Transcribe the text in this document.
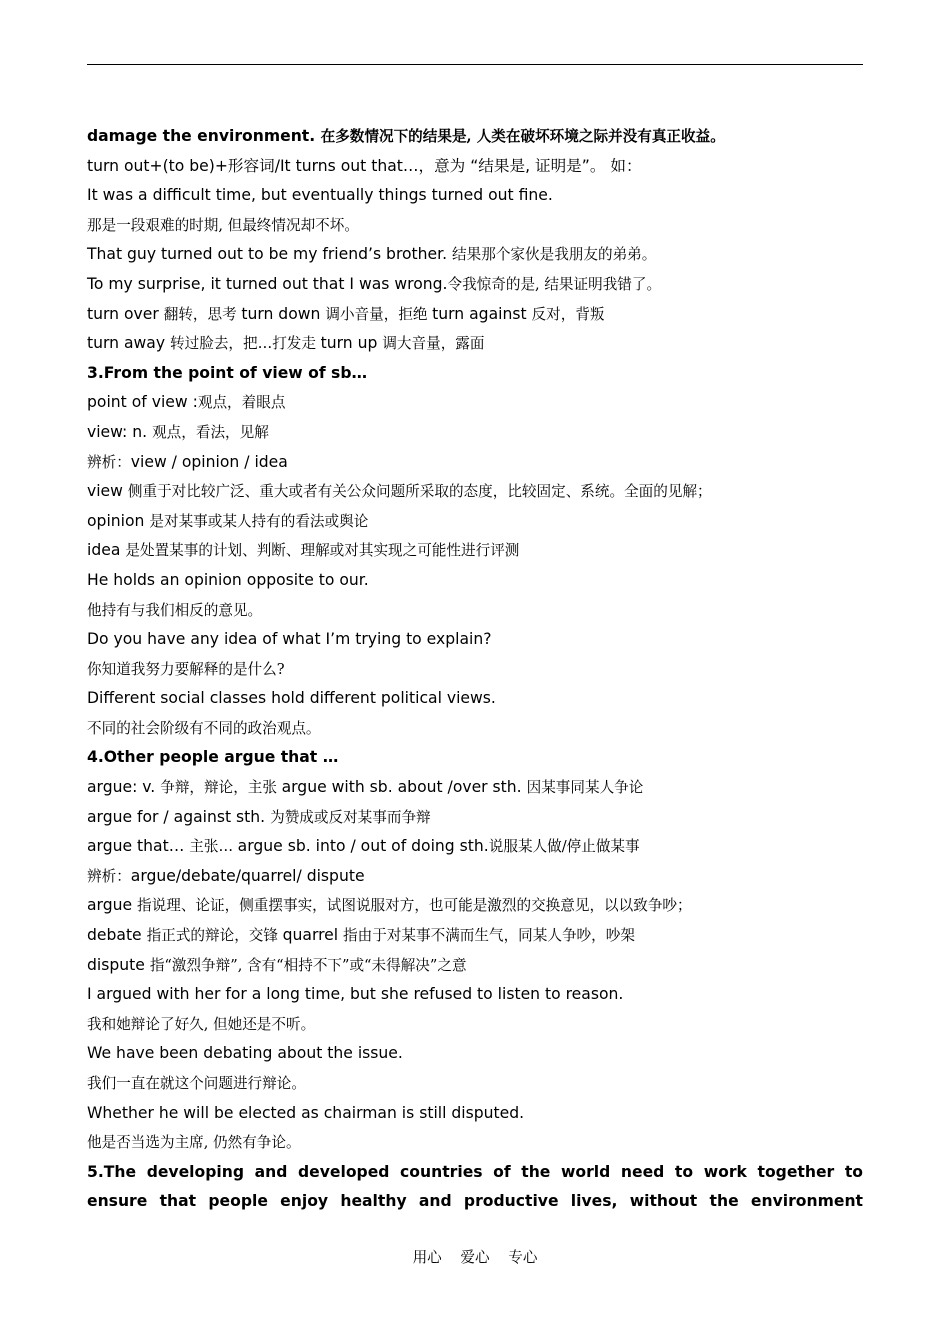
damage the environment. 在多数情况下的结果是, 人类在破坏环境之际并没有真正收益。
turn out+(to be)+形容词/It turns out that…，意为 “结果是, 证明是”。 如：
It was a difficult time, but eventually things turned out fine.
那是一段艰难的时期, 但最终情况却不坏。
That guy turned out to be my friend’s brother. 结果那个家伙是我朋友的弟弟。
To my surprise, it turned out that I was wrong.令我惊奇的是, 结果证明我错了。
turn over 翻转，思考 turn down 调小音量，拒绝 turn against 反对，背叛
turn away 转过脸去，把…打发走 turn up 调大音量，露面
3.From the point of view of sb…
point of view :观点，着眼点
view: n. 观点，看法，见解
辨析：view / opinion / idea
view 侧重于对比较广泛、重大或者有关公众问题所采取的态度，比较固定、系统。全面的见解；
opinion 是对某事或某人持有的看法或舆论
idea 是处置某事的计划、判断、理解或对其实现之可能性进行评测
He holds an opinion opposite to our.
他持有与我们相反的意见。
Do you have any idea of what I’m trying to explain?
你知道我努力要解释的是什么?
Different social classes hold different political views.
不同的社会阶级有不同的政治观点。
4.Other people argue that …
argue: v. 争辩，辩论，主张 argue with sb. about /over sth. 因某事同某人争论
argue for / against sth. 为赞成或反对某事而争辩
argue that… 主张… argue sb. into / out of doing sth.说服某人做/停止做某事
辨析：argue/debate/quarrel/ dispute
argue 指说理、论证，侧重摆事实，试图说服对方，也可能是激烈的交换意见，以以致争吵；
debate 指正式的辩论，交锋 quarrel 指由于对某事不满而生气，同某人争吵，吵架
dispute 指“激烈争辩”, 含有“相持不下”或“未得解决”之意
I argued with her for a long time, but she refused to listen to reason.
我和她辩论了好久, 但她还是不听。
We have been debating about the issue.
我们一直在就这个问题进行辩论。
Whether he will be elected as chairman is still disputed.
他是否当选为主席, 仍然有争论。
5.The developing and developed countries of the world need to work together to
ensure that people enjoy healthy and productive lives, without the environment
用心 爱心 专心
